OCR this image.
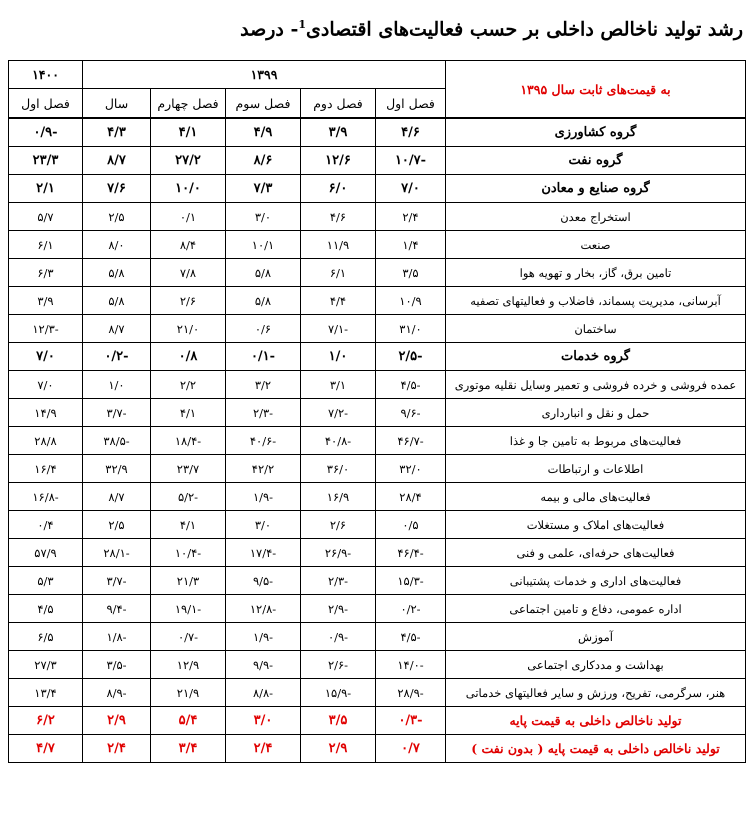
رشد تولید ناخالص داخلی بر حسب فعالیت‌های اقتصادی$^1$- درصد
به قیمت‌های ثابت سال ۱۳۹۵	۱۳۹۹					۱۴۰۰
	فصل اول	فصل دوم	فصل سوم	فصل چهارم	سال	فصل اول
گروه کشاورزی	۴/۶	۳/۹	۴/۹	۴/۱	۴/۳	-۰/۹
گروه نفت	-۱۰/۷	۱۲/۶	۸/۶	۲۷/۲	۸/۷	۲۳/۳
گروه صنایع و معادن	۷/۰	۶/۰	۷/۳	۱۰/۰	۷/۶	۲/۱
استخراج معدن	۲/۴	۴/۶	۳/۰	۰/۱	۲/۵	۵/۷
صنعت	۱/۴	۱۱/۹	۱۰/۱	۸/۴	۸/۰	۶/۱
تامین برق، گاز، بخار و تهویه هوا	۳/۵	۶/۱	۵/۸	۷/۸	۵/۸	۶/۳
آبرسانی، مدیریت پسماند، فاضلاب و فعالیتهای تصفیه	۱۰/۹	۴/۴	۵/۸	۲/۶	۵/۸	۳/۹
ساختمان	۳۱/۰	-۷/۱	۰/۶	۲۱/۰	۸/۷	-۱۲/۳
گروه خدمات	-۲/۵	۱/۰	-۰/۱	۰/۸	-۰/۲	۷/۰
عمده فروشی و خرده فروشی و تعمیر وسایل نقلیه موتوری	-۴/۵	۳/۱	۳/۲	۲/۲	۱/۰	۷/۰
حمل و نقل و انبارداری	-۹/۶	-۷/۲	-۲/۳	۴/۱	-۳/۷	۱۴/۹
فعالیت‌های مربوط به تامین جا و غذا	-۴۶/۷	-۴۰/۸	-۴۰/۶	-۱۸/۴	-۳۸/۵	۲۸/۸
اطلاعات و ارتباطات	۳۲/۰	۳۶/۰	۴۲/۲	۲۳/۷	۳۲/۹	۱۶/۴
فعالیت‌های مالی و بیمه	۲۸/۴	۱۶/۹	-۱/۹	-۵/۲	۸/۷	-۱۶/۸
فعالیت‌های املاک و مستغلات	۰/۵	۲/۶	۳/۰	۴/۱	۲/۵	۰/۴
فعالیت‌های حرفه‌ای، علمی و فنی	-۴۶/۴	-۲۶/۹	-۱۷/۴	-۱۰/۴	-۲۸/۱	۵۷/۹
فعالیت‌های اداری و خدمات پشتیبانی	-۱۵/۳	-۲/۳	-۹/۵	۲۱/۳	-۳/۷	۵/۳
اداره عمومی، دفاع و تامین اجتماعی	-۰/۲	-۲/۹	-۱۲/۸	-۱۹/۱	-۹/۴	۴/۵
آموزش	-۴/۵	-۰/۹	-۱/۹	-۰/۷	-۱/۸	۶/۵
بهداشت و مددکاری اجتماعی	-۱۴/۰	-۲/۶	-۹/۹	۱۲/۹	-۳/۵	۲۷/۳
هنر، سرگرمی، تفریح، ورزش و سایر فعالیتهای خدماتی	-۲۸/۹	-۱۵/۹	-۸/۸	۲۱/۹	-۸/۹	۱۳/۴
تولید ناخالص داخلی به قیمت پایه	-۰/۳	۳/۵	۳/۰	۵/۴	۲/۹	۶/۲
تولید ناخالص داخلی به قیمت پایه ( بدون نفت )	۰/۷	۲/۹	۲/۴	۳/۴	۲/۴	۴/۷
